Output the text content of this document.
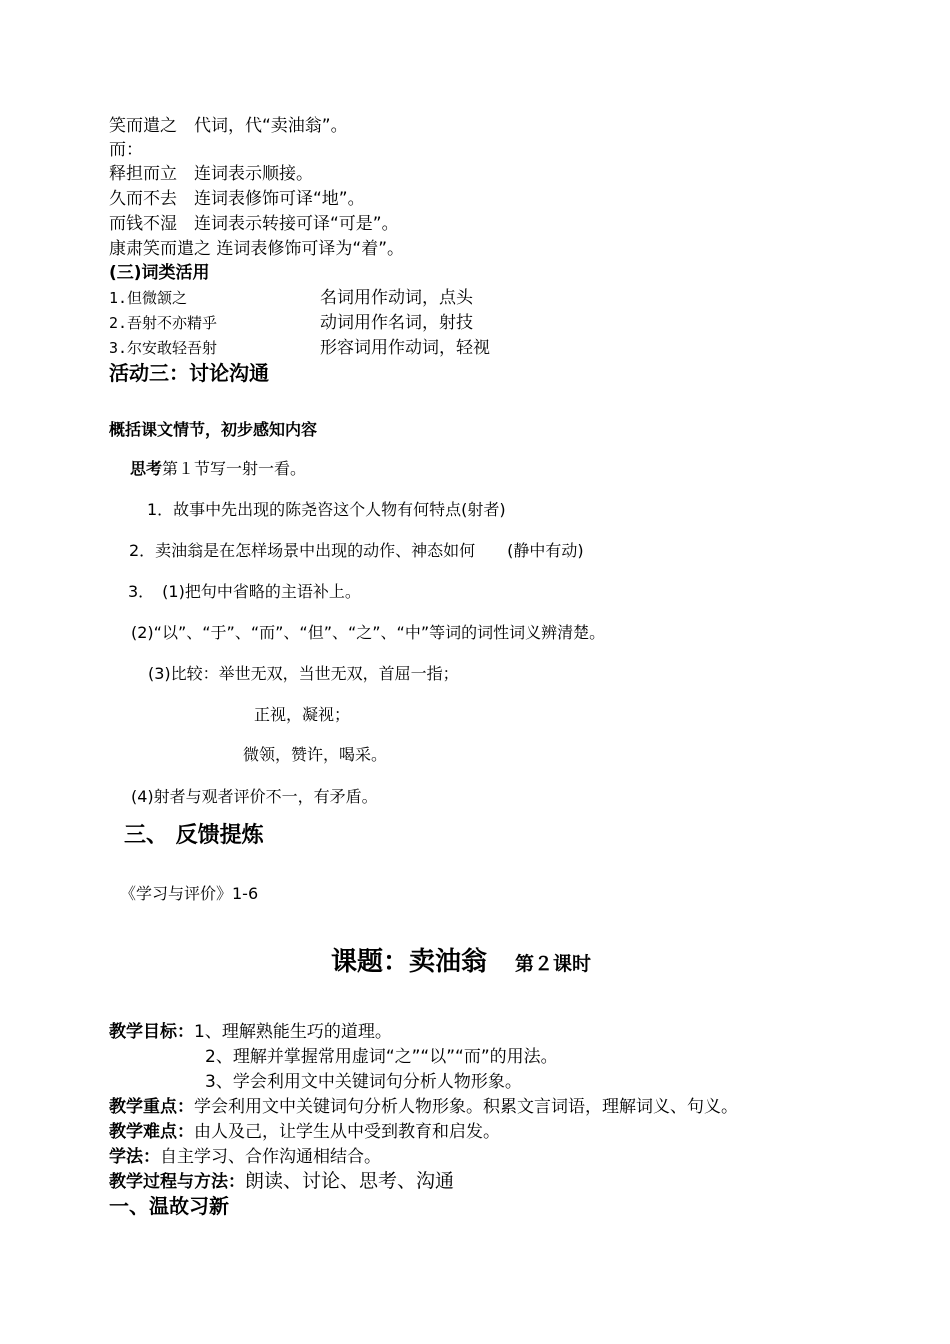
笑而遣之　代词，代“卖油翁”。
而：
释担而立　连词表示顺接。
久而不去　连词表修饰可译“地”。
而钱不湿　连词表示转接可译“可是”。
康肃笑而遣之 连词表修饰可译为“着”。
(三)词类活用
1.但微颔之	名词用作动词，点头
2.吾射不亦精乎	动词用作名词，射技
3.尔安敢轻吾射	形容词用作动词，轻视
活动三：讨论沟通
概括课文情节，初步感知内容
思考第１节写一射一看。
1．故事中先出现的陈尧咨这个人物有何特点(射者)
2．卖油翁是在怎样场景中出现的动作、神态如何　　(静中有动)
3．　(1)把句中省略的主语补上。
(2)“以”、“于”、“而”、“但”、“之”、“中”等词的词性词义辨清楚。
(3)比较：举世无双，当世无双，首屈一指；
正视，凝视；
微领，赞许，喝采。
(4)射者与观者评价不一，有矛盾。
三、 反馈提炼
《学习与评价》1-6
课题：卖油翁 第２课时
教学目标：1、理解熟能生巧的道理。
2、理解并掌握常用虚词“之”“以”“而”的用法。
3、学会利用文中关键词句分析人物形象。
教学重点：学会利用文中关键词句分析人物形象。积累文言词语，理解词义、句义。
教学难点：由人及己，让学生从中受到教育和启发。
学法：自主学习、合作沟通相结合。
教学过程与方法：朗读、讨论、思考、沟通
一、温故习新
